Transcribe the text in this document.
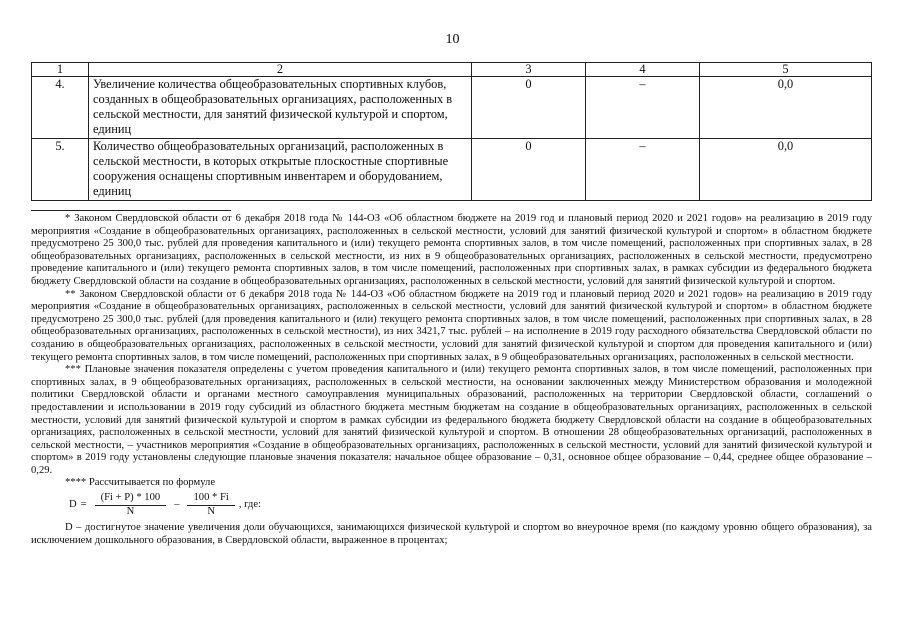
10
1	2	3	4	5
4.	Увеличение количества общеобразовательных спортивных клубов, созданных в общеобразовательных организациях, расположенных в сельской местности, для занятий физической культурой и спортом, единиц	0	–	0,0
5.	Количество общеобразовательных организаций, расположенных в сельской местности, в которых открытые плоскостные спортивные сооружения оснащены спортивным инвентарем и оборудованием, единиц	0	–	0,0

* Законом Свердловской области от 6 декабря 2018 года № 144-ОЗ «Об областном бюджете на 2019 год и плановый период 2020 и 2021 годов» на реализацию в 2019 году мероприятия «Создание в общеобразовательных организациях, расположенных в сельской местности, условий для занятий физической культурой и спортом» в областном бюджете предусмотрено 25 300,0 тыс. рублей для проведения капитального и (или) текущего ремонта спортивных залов, в том числе помещений, расположенных при спортивных залах, в 28 общеобразовательных организациях, расположенных в сельской местности, из них в 9 общеобразовательных организациях, расположенных в сельской местности, предусмотрено проведение капитального и (или) текущего ремонта спортивных залов, в том числе помещений, расположенных при спортивных залах, в рамках субсидии из федерального бюджета бюджету Свердловской области на создание в общеобразовательных организациях, расположенных в сельской местности, условий для занятий физической культурой и спортом.

** Законом Свердловской области от 6 декабря 2018 года № 144-ОЗ «Об областном бюджете на 2019 год и плановый период 2020 и 2021 годов» на реализацию в 2019 году мероприятия «Создание в общеобразовательных организациях, расположенных в сельской местности, условий для занятий физической культурой и спортом» в областном бюджете предусмотрено 25 300,0 тыс. рублей (для проведения капитального и (или) текущего ремонта спортивных залов, в том числе помещений, расположенных при спортивных залах, в 28 общеобразовательных организациях, расположенных в сельской местности), из них 3421,7 тыс. рублей – на исполнение в 2019 году расходного обязательства Свердловской области по созданию в общеобразовательных организациях, расположенных в сельской местности, условий для занятий физической культурой и спортом для проведения капитального и (или) текущего ремонта спортивных залов, в том числе помещений, расположенных при спортивных залах, в 9 общеобразовательных организациях, расположенных в сельской местности.

*** Плановые значения показателя определены с учетом проведения капитального и (или) текущего ремонта спортивных залов, в том числе помещений, расположенных при спортивных залах, в 9 общеобразовательных организациях, расположенных в сельской местности, на основании заключенных между Министерством образования и молодежной политики Свердловской области и органами местного самоуправления муниципальных образований, расположенных на территории Свердловской области, соглашений о предоставлении и использовании в 2019 году субсидий из областного бюджета местным бюджетам на создание в общеобразовательных организациях, расположенных в сельской местности, условий для занятий физической культурой и спортом в рамках субсидии из федерального бюджета бюджету Свердловской области на создание в общеобразовательных организациях, расположенных в сельской местности, условий для занятий физической культурой и спортом. В отношении 28 общеобразовательных организаций, расположенных в сельской местности, – участников мероприятия «Создание в общеобразовательных организациях, расположенных в сельской местности, условий для занятий физической культурой и спортом» в 2019 году установлены следующие плановые значения показателя: начальное общее образование – 0,31, основное общее образование – 0,44, среднее общее образование – 0,29.

**** Рассчитывается по формуле

$D = \frac{(Fi + P) * 100}{N} - \frac{100 * Fi}{N}$ , где:

D – достигнутое значение увеличения доли обучающихся, занимающихся физической культурой и спортом во внеурочное время (по каждому уровню общего образования), за исключением дошкольного образования, в Свердловской области, выраженное в процентах;
